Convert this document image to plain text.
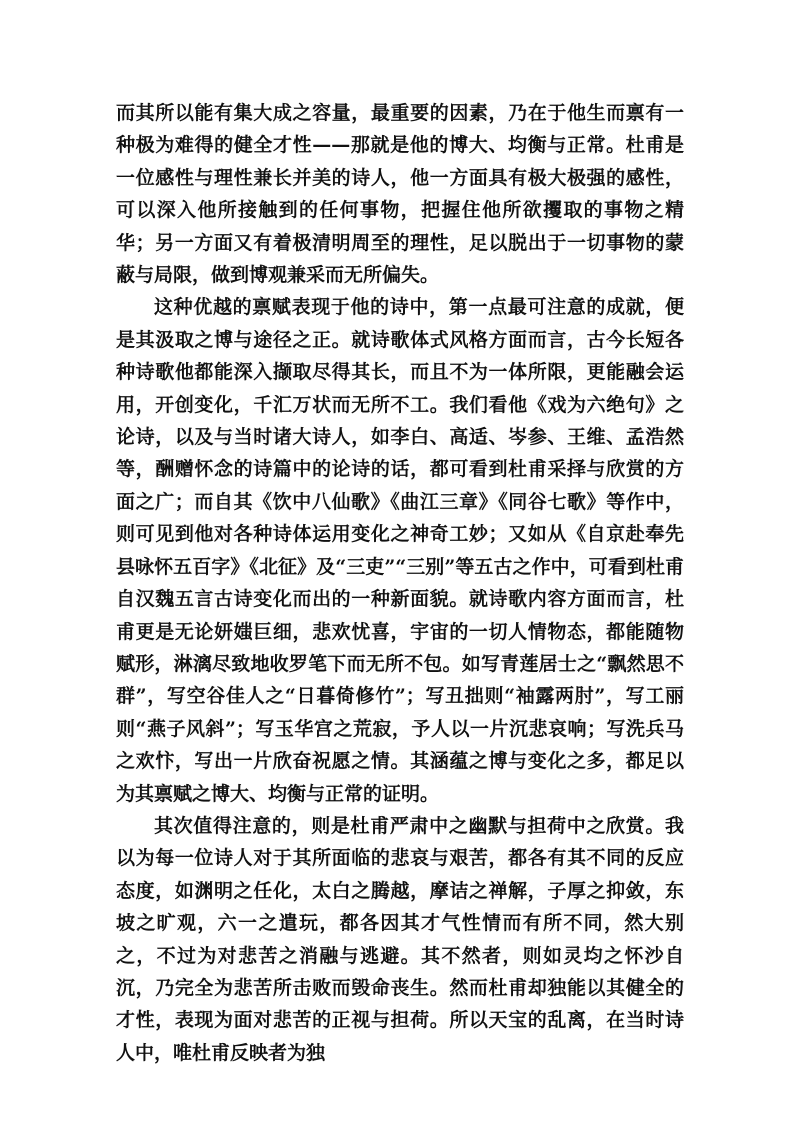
而其所以能有集大成之容量，最重要的因素，乃在于他生而禀有一种极为难得的健全才性——那就是他的博大、均衡与正常。杜甫是一位感性与理性兼长并美的诗人，他一方面具有极大极强的感性，可以深入他所接触到的任何事物，把握住他所欲攫取的事物之精华；另一方面又有着极清明周至的理性，足以脱出于一切事物的蒙蔽与局限，做到博观兼采而无所偏失。

这种优越的禀赋表现于他的诗中，第一点最可注意的成就，便是其汲取之博与途径之正。就诗歌体式风格方面而言，古今长短各种诗歌他都能深入撷取尽得其长，而且不为一体所限，更能融会运用，开创变化，千汇万状而无所不工。我们看他《戏为六绝句》之论诗，以及与当时诸大诗人，如李白、高适、岑参、王维、孟浩然等，酬赠怀念的诗篇中的论诗的话，都可看到杜甫采择与欣赏的方面之广；而自其《饮中八仙歌》《曲江三章》《同谷七歌》等作中，则可见到他对各种诗体运用变化之神奇工妙；又如从《自京赴奉先县咏怀五百字》《北征》及“三吏”“三别”等五古之作中，可看到杜甫自汉魏五言古诗变化而出的一种新面貌。就诗歌内容方面而言，杜甫更是无论妍媸巨细，悲欢忧喜，宇宙的一切人情物态，都能随物赋形，淋漓尽致地收罗笔下而无所不包。如写青莲居士之“飘然思不群”，写空谷佳人之“日暮倚修竹”；写丑拙则“袖露两肘”，写工丽则“燕子风斜”；写玉华宫之荒寂，予人以一片沉悲哀响；写洗兵马之欢忭，写出一片欣奋祝愿之情。其涵蕴之博与变化之多，都足以为其禀赋之博大、均衡与正常的证明。

其次值得注意的，则是杜甫严肃中之幽默与担荷中之欣赏。我以为每一位诗人对于其所面临的悲哀与艰苦，都各有其不同的反应态度，如渊明之任化，太白之腾越，摩诘之禅解，子厚之抑敛，东坡之旷观，六一之遣玩，都各因其才气性情而有所不同，然大别之，不过为对悲苦之消融与逃避。其不然者，则如灵均之怀沙自沉，乃完全为悲苦所击败而毁命丧生。然而杜甫却独能以其健全的才性，表现为面对悲苦的正视与担荷。所以天宝的乱离，在当时诗人中，唯杜甫反映者为独
